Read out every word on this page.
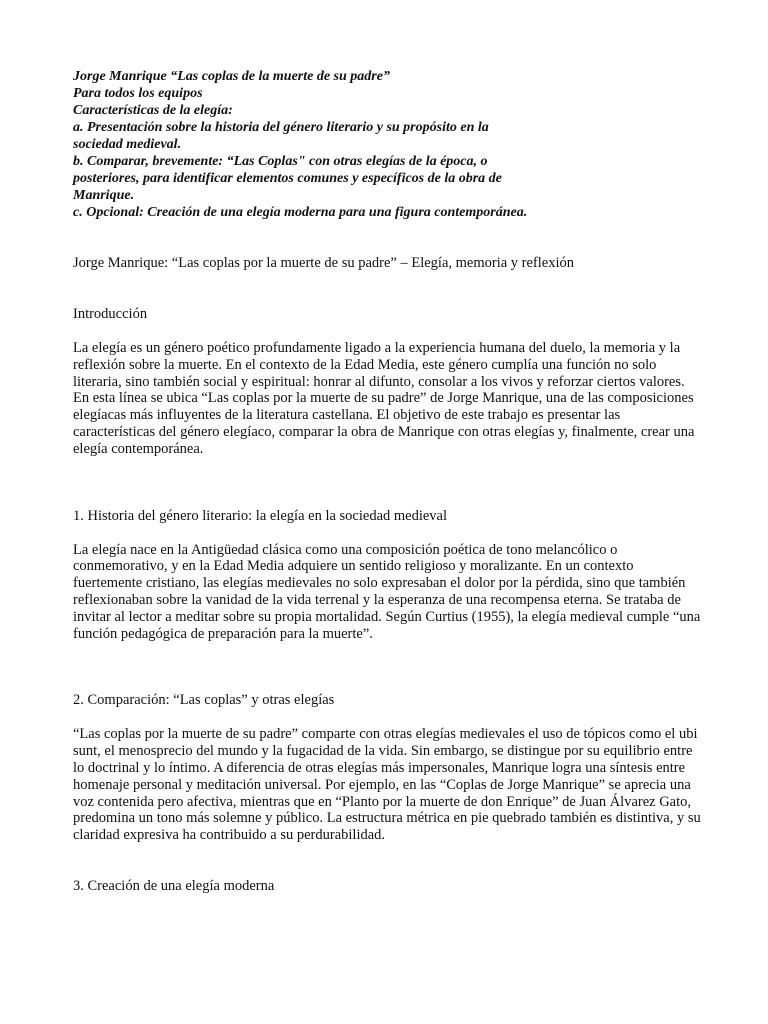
Jorge Manrique “Las coplas de la muerte de su padre”
Para todos los equipos
Características de la elegía:
a. Presentación sobre la historia del género literario y su propósito en la sociedad medieval.
b. Comparar, brevemente: “Las Coplas" con otras elegías de la época, o posteriores, para identificar elementos comunes y específicos de la obra de Manrique.
c. Opcional: Creación de una elegía moderna para una figura contemporánea.
Jorge Manrique: “Las coplas por la muerte de su padre” – Elegía, memoria y reflexión
Introducción

La elegía es un género poético profundamente ligado a la experiencia humana del duelo, la memoria y la reflexión sobre la muerte. En el contexto de la Edad Media, este género cumplía una función no solo literaria, sino también social y espiritual: honrar al difunto, consolar a los vivos y reforzar ciertos valores. En esta línea se ubica “Las coplas por la muerte de su padre” de Jorge Manrique, una de las composiciones elegíacas más influyentes de la literatura castellana. El objetivo de este trabajo es presentar las características del género elegíaco, comparar la obra de Manrique con otras elegías y, finalmente, crear una elegía contemporánea.

1. Historia del género literario: la elegía en la sociedad medieval

La elegía nace en la Antigüedad clásica como una composición poética de tono melancólico o conmemorativo, y en la Edad Media adquiere un sentido religioso y moralizante. En un contexto fuertemente cristiano, las elegías medievales no solo expresaban el dolor por la pérdida, sino que también reflexionaban sobre la vanidad de la vida terrenal y la esperanza de una recompensa eterna. Se trataba de invitar al lector a meditar sobre su propia mortalidad. Según Curtius (1955), la elegía medieval cumple “una función pedagógica de preparación para la muerte”.

2. Comparación: “Las coplas” y otras elegías

“Las coplas por la muerte de su padre” comparte con otras elegías medievales el uso de tópicos como el ubi sunt, el menosprecio del mundo y la fugacidad de la vida. Sin embargo, se distingue por su equilibrio entre lo doctrinal y lo íntimo. A diferencia de otras elegías más impersonales, Manrique logra una síntesis entre homenaje personal y meditación universal. Por ejemplo, en las “Coplas de Jorge Manrique” se aprecia una voz contenida pero afectiva, mientras que en “Planto por la muerte de don Enrique” de Juan Álvarez Gato, predomina un tono más solemne y público. La estructura métrica en pie quebrado también es distintiva, y su claridad expresiva ha contribuido a su perdurabilidad.

3. Creación de una elegía moderna
